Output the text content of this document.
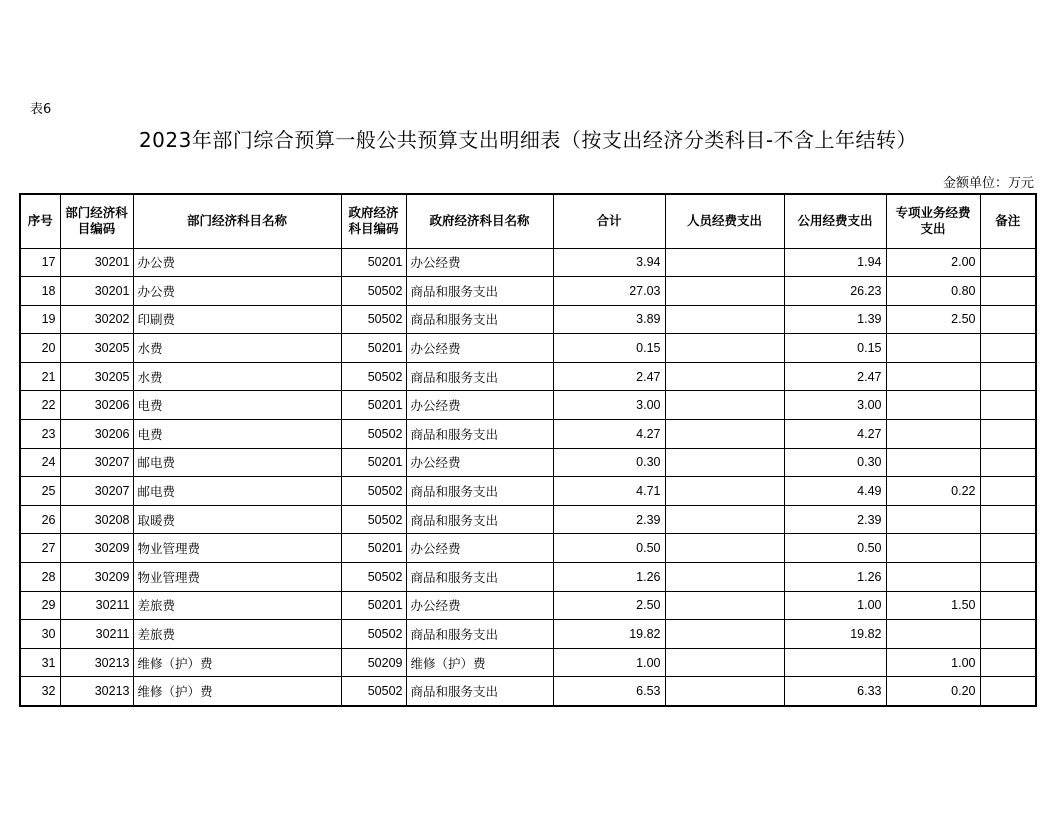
表6
2023年部门综合预算一般公共预算支出明细表（按支出经济分类科目-不含上年结转）
金额单位：万元
序号	部门经济科目编码	部门经济科目名称	政府经济科目编码	政府经济科目名称	合计	人员经费支出	公用经费支出	专项业务经费支出	备注
17	30201	办公费	50201	办公经费	3.94		1.94	2.00	
18	30201	办公费	50502	商品和服务支出	27.03		26.23	0.80	
19	30202	印刷费	50502	商品和服务支出	3.89		1.39	2.50	
20	30205	水费	50201	办公经费	0.15		0.15		
21	30205	水费	50502	商品和服务支出	2.47		2.47		
22	30206	电费	50201	办公经费	3.00		3.00		
23	30206	电费	50502	商品和服务支出	4.27		4.27		
24	30207	邮电费	50201	办公经费	0.30		0.30		
25	30207	邮电费	50502	商品和服务支出	4.71		4.49	0.22	
26	30208	取暖费	50502	商品和服务支出	2.39		2.39		
27	30209	物业管理费	50201	办公经费	0.50		0.50		
28	30209	物业管理费	50502	商品和服务支出	1.26		1.26		
29	30211	差旅费	50201	办公经费	2.50		1.00	1.50	
30	30211	差旅费	50502	商品和服务支出	19.82		19.82		
31	30213	维修（护）费	50209	维修（护）费	1.00			1.00	
32	30213	维修（护）费	50502	商品和服务支出	6.53		6.33	0.20	
